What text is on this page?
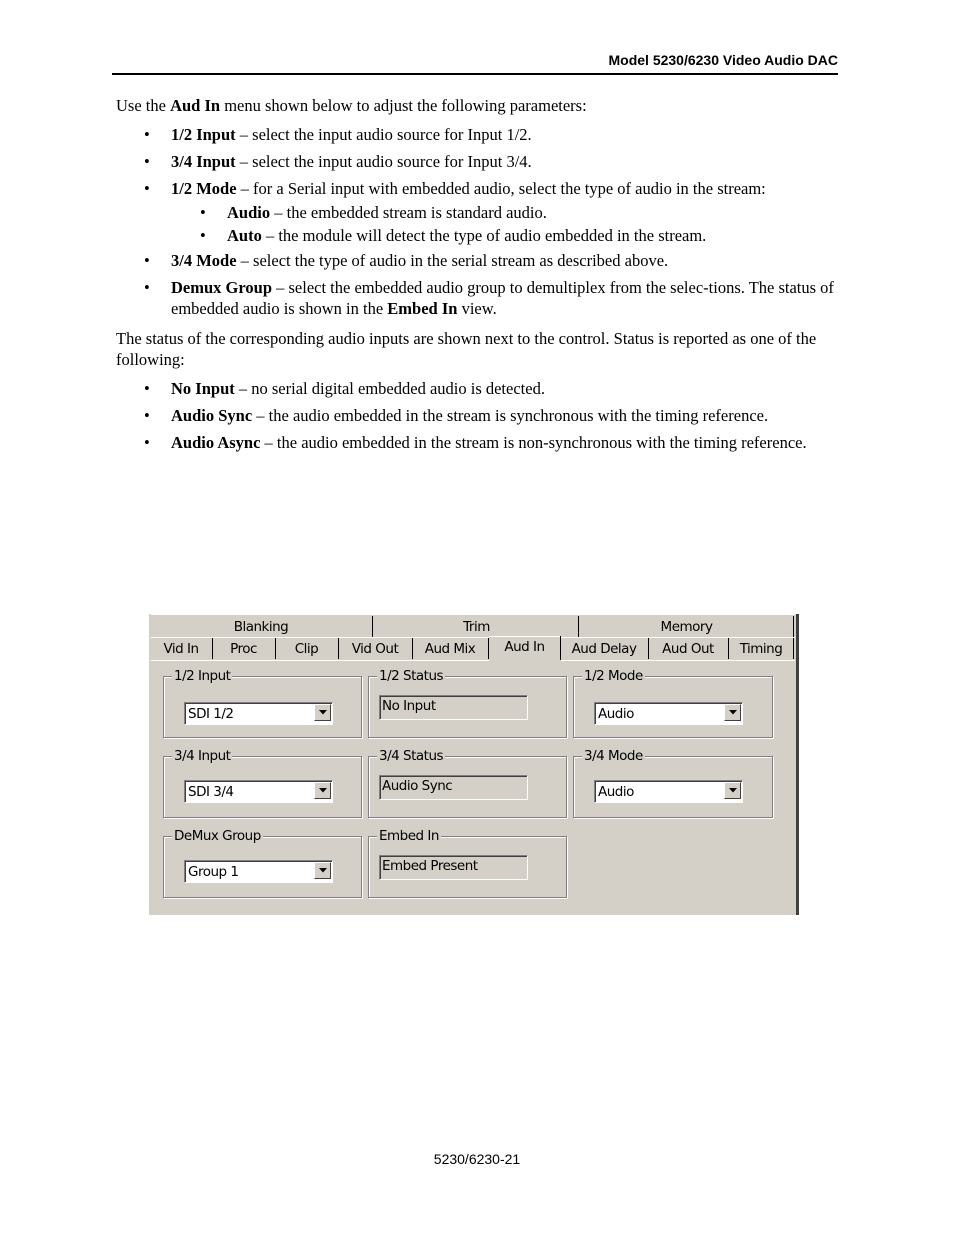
Model 5230/6230 Video Audio DAC

Use the Aud In menu shown below to adjust the following parameters:

• 1/2 Input – select the input audio source for Input 1/2.
• 3/4 Input – select the input audio source for Input 3/4.
• 1/2 Mode – for a Serial input with embedded audio, select the type of audio in the stream:
• Audio – the embedded stream is standard audio.
• Auto – the module will detect the type of audio embedded in the stream.
• 3/4 Mode – select the type of audio in the serial stream as described above.
• Demux Group – select the embedded audio group to demultiplex from the selec-tions. The status of embedded audio is shown in the Embed In view.

The status of the corresponding audio inputs are shown next to the control. Status is reported as one of the following:

• No Input – no serial digital embedded audio is detected.
• Audio Sync – the audio embedded in the stream is synchronous with the timing reference.
• Audio Async – the audio embedded in the stream is non-synchronous with the timing reference.
Blanking	Trim	Memory
Vid In	Proc	Clip	Vid Out	Aud Mix	Aud In	Aud Delay	Aud Out	Timing
1/2 Input
SDI 1/2
1/2 Status
No Input
1/2 Mode
Audio
3/4 Input
SDI 3/4
3/4 Status
Audio Sync
3/4 Mode
Audio
DeMux Group
Group 1
Embed In
Embed Present
5230/6230-21
